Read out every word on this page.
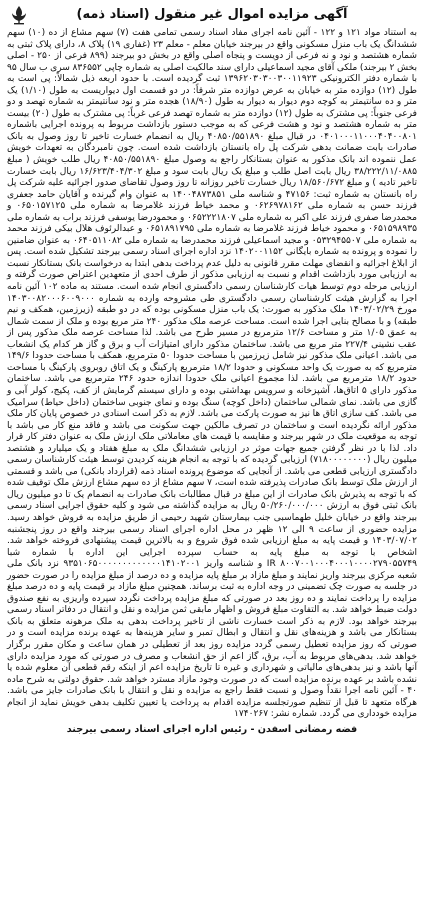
آگهی مزایده اموال غیر منقول (اسناد ذمه)

به استناد مواد ۱۲۱ و ۱۲۲ - آئین نامه اجرای مفاد اسناد رسمی تمامی هفت (۷) سهم مشاع از ده (۱۰) سهم ششدانگ یک باب منزل مسکونی واقع در بیرجند خیابان معلم - معلم ۲۳ (غفاری ۱۹) پلاک ۸، دارای پلاک ثبتی به شماره هشتصد و نود و نه فرعی از دویست و پنجاه اصلی واقع در بخش دو بیرجند (۸۹۹ فرعی از ۲۵۰ - اصلی بخش ۲ بیرجند) ملکی آقای مجید اسماعیلی دارای سند مالکیت اصلی به شماره چاپی ۸۳۶۵۵۲ سری ب سال ۹۵ با شماره دفتر الکترونیکی ۱۳۹۶۲۰۳۰۳۰۰۳۰۰۱۱۹۲۳ ثبت گردیده است. با حدود اربعه ذیل شمالاً: پی است به طول (۱۲) دوازده متر به خیابان به عرض دوازده متر شرقاً: در دو قسمت اول دیواریست به طول (۱/۱۰) یک متر و ده سانتیمتر به کوچه دوم دیوار به دیوار به طول (۱۸/۹۰) هجده متر و نود سانتیمتر به شماره تهصد و دو فرعی جنوباً: پی مشترک به طول (۱۲) دوازده متر به شماره تهصد فرعی غرباً: پی مشترک به طول (۲۰) بیست متر به شماره هشتصد و نود و هشت فرعی که به موجب دستور بازداشت مربوط به پرونده اجرایی باشماره ۰۴۰۱۰۰۰۱۱۰۰۰۴۰۴۰۰۸۰۱ در قبال مبلغ ۴۰۸۵۰/۵۵۱۸۹۰ ریال به انضمام خسارت تاخیر تا روز وصول به بانک صادرات بابت ضمانت بدهی شرکت پل راه بانستان بازداشت شده است. چون نامبردگان به تعهدات خویش عمل ننموده اند بانک مذکور به عنوان بستانکار راجع به وصول مبلغ ۴۰۸۵۰/۵۵۱۸۹۰ ریال طلب خویش ( مبلغ ۳۸/۲۲۲/۱۱/۰۸۸۵ ریال بابت اصل طلب و مبلغ یک ریال بابت سود و مبلغ ۱۶/۶۲۳/۴۰۴/۳۰۲ ریال بابت خسارت تاخیر تادیه ) و مبلغ ۱۸/۵۶۰/۶۷۲ ریال خسارت تاخیر روزانه تا روز وصول تقاضای صدور اجرائیه علیه شرکت پل راه بانستان به شماره ثبت: ۴۷۱۵۶ و شناسه ملی ۱۴۰۰۴۸۷۳۸۵۱ به عنوان وام گیرنده و آقایان حامد جعفری فرزند حسن به شماره ملی ۰۶۲۶۹۷۸۱۶۲ و محمد خیاط فرزند غلامرضا به شماره ملی ۰۶۵۰۱۵۷۱۲۵ و محمدرضا صفری فرزند علی اکبر به شماره ملی ۰۶۵۲۲۲۱۸۰۷ و محمودرضا یوسفی فرزند براب به شماره ملی ۰۶۵۱۵۹۸۹۳۵ و محمود خیاط فرزند غلامرضا به شماره ملی ۰۶۵۱۸۹۱۷۹۵ و عبدالرئوف هلال بیکی فرزند محمد به شماره ملی ۰۵۳۲۹۴۵۵۰۷ و مجید اسماعیلی فرزند محمدرضا به شماره ملی ۰۶۴۰۵۱۱۰۸۲ به عنوان ضامنین را نموده و پرونده به شماره بایگانی ۱۴۰۲۰۰۱۱۵۲ نزد اداره اجرای اسناد رسمی بیرجند تشکیل شده است. پس از ابلاغ اجرائیه و انقضای مهلت مقرر قانونی به دلیل عدم پرداخت بدهی ابتدا به درخواست بانک بستانکار نسبت به ارزیابی مورد بازداشت اقدام و نسبت به ارزیابی مذکور از طرف احدی از متعهدین اعتراض صورت گرفته و ارزیابی مرحله دوم توسط هیات کارشناسان رسمی دادگستری انجام شده است. مستند به ماده ۱۰۲ آئین نامه اجرا به گزارش هیئت کارشناسان رسمی دادگستری طی مشروحه وارده به شماره ۱۴۰۳۰۰۸۲۰۰۰۶۰۰۹۰۰۰ مورخ ۱۴۰۳/۰۲/۲۹ ملک مذکور به صورت: یک باب منزل مسکونی بوده که در دو طبقه (زیرزمین، همکف و نیم طبقه) و با مصالح بنایی اجرا شده است. مساحت عرصه ملک مذکور ۲۴۰ متر مربع بوده و ملک از سمت شمال به عمق ۱/۰۵ متر و مساحت ۱۲/۶ مترمربع در مسیر طرح می باشد. لذا مساحت عرصه ملک مذکور پس از عقب نشینی ۲۲۷/۴ متر مربع می باشد. ساختمان مذکور دارای امتیازات آب و برق و گاز هر کدام یک انشعاب می باشد. اعیانی ملک مذکور نیز شامل زیرزمین با مساحت حدودا ۵۰ مترمربع، همکف با مساحت حدودا ۱۴۹/۶ مترمربع که به صورت یک واحد مسکونی و حدودا ۱۸/۲ مترمربع پارکینگ و یک اتاق روبروی پارکینگ با مساحت حدود ۱۸/۲ مترمربع می باشد. لذا مجموع اعیانی ملک حدودا اندازه حدود ۲۴۶ مترمربع می باشد. ساختمان مذکور دارای ۵ اتاق‌ها، آشپزخانه و سرویس بهداشتی بوده و دارای سیستم گرمایش از کف، پکیج، کولر آبی و گازی می باشد. نمای شمالی ساختمان (داخل کوچه) سنگ بوده و نمای جنوبی ساختمان (داخل حیاط) سرامیک می باشد. کف سازی اتاق ها نیز به صورت پارکت می باشد. لازم به ذکر است اسنادی در خصوص پایان کار ملک مذکور ارائه نگردیده است و ساختمان در تصرف مالکین جهت سکونت می باشد و فاقد منع کار می باشد با توجه به موقعیت ملک در شهر بیرجند و مقایسه با قیمت های معاملاتی ملک ارزش ملک به عنوان دفتر کار قرار داد. لذا با در نظر گرفتن جمیع جهات موثر در ارزیابی ششدانگ ملک به مبلغ هفتاد و یک میلیارد و هشتصد میلیون ریال (۷۱۸۰۰۰۰۰۰۰۰) ارزیابی گردیده که با توجه به انجام هزینه کردیدن توسط هیئت کارشناسان رسمی دادگستری ارزیابی قطعی می باشد. از آنجایی که موضوع پرونده اسناد ذمه (قرارداد بانکی) می باشد و قسمتی از ارزش ملک توسط بانک صادرات پذیرفته شده است، ۷ سهم مشاع از ده سهم مشاع ارزش ملک توقیف شده که با توجه به پذیرش بانک صادرات از این مبلغ در قبال مطالبات بانک صادرات به انضمام یک تا دو میلیون ریال بانک ثبتی فوق به ارزش ۵۰/۲۶۰/۰۰۰/۰۰۰ ریال به مزایده گذاشته می شود و کلیه حقوق اجرایی اسناد رسمی بیرجند واقع در خیابان خلیل طهماسبی جنب بیمارستان شهید رحیمی از طریق مزایده به فروش خواهد رسید. مزایده حضوری از ساعت ۹ الی ۱۲ ظهر در محل اداره اجرای اسناد رسمی بیرجند واقع در روز پنجشنبه ۱۴۰۳/۰۷/۰۲ و قیمت پایه به مبلغ ارزیابی شده فوق شروع و به بالاترین قیمت پیشنهادی فروخته خواهد شد. اشخاص با توجه به مبلغ پایه به حساب سپرده اجرایی این اداره با شماره شبا ۸۰۰۷۰۰۱۰۰۰۴۰۰۰۱۰۰۰۰۲۷۹۰۵۵۷۴۹ IR و شناسه واریز ۹۳۵۱۰۶۵۰۰۰۰۰۰۰۰۰۰۰۰۰۱۴۱۰۲۰۰۱ نزد بانک ملی شعبه مرکزی بیرجند واریز نمایند و مبلغ مازاد بر مبلغ پایه مزایده و ده درصد از مبلغ مزایده را در صورت حضور در جلسه به صورت چک تضمینی در وجه اداره به ثبت برساند. همچنین مبلغ مازاد بر قیمت پایه و ده درصد مبلغ مزایده را پرداخت نمایند و ده روز بعد در صورتی که مبلغ مزایده پرداخت نگردد سپرده واریزی به نفع صندوق دولت ضبط خواهد شد. به التفاوت مبلغ فروش و اظهار مابقی ثمن مزایده و نقل و انتقال در دفاتر اسناد رسمی بیرجند خواهد بود. لازم به ذکر است خسارت ناشی از تاخیر پرداخت بدهی به ملک مرهونه متعلق به بانک بستانکار می باشد و هزینه‌های نقل و انتقال و ابطال تمبر و سایر هزینه‌ها به عهده برنده مزایده است و در صورتی که روز مزایده تعطیل رسمی گردد مزایده روز بعد از تعطیلی در همان ساعت و مکان مقرر برگزار خواهد شد. بدهی‌های مربوط به آب، برق، گاز اعم از حق انشعاب و مصرف در صورتی که مورد مزایده دارای آنها باشد و نیز بدهی‌های مالیاتی و شهرداری و غیره تا تاریخ مزایده اعم از اینکه رقم قطعی آن معلوم شده یا نشده باشد بر عهده برنده مزایده است که در صورت وجود مازاد مسترد خواهد شد. حقوق دولتی به شرح ماده ۴۰ - آئین نامه اجرا نقداً وصول و نسبت فقط راجع به مزایده و نقل و انتقال با بانک صادرات جایز می باشد. هرگاه متعهد تا قبل از تنظیم صورتجلسه مزایده اقدام به پرداخت یا تعیین تکلیف بدهی خویش نماید از انجام مزایده خودداری می گردد. شماره نشر: ۱۷۴۰۲۶۷

فضه رمضانی اسفدن - رئیس اداره اجرای اسناد رسمی بیرجند
